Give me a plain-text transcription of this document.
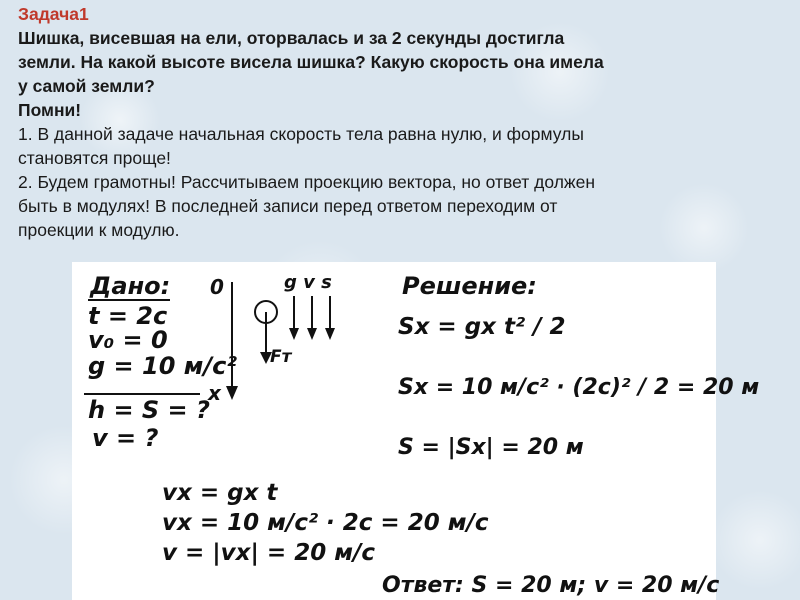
Задача1
Шишка, висевшая на ели, оторвалась и за 2 секунды достигла
земли. На какой высоте висела шишка? Какую скорость она имела
у самой земли?
Помни!
1. В данной задаче начальная скорость тела равна нулю, и формулы
становятся проще!
2. Будем грамотны! Рассчитываем проекцию вектора, но ответ должен
быть в модулях! В последней записи перед ответом переходим от
проекции к модулю.
Дано:
t = 2c
v₀ = 0
g = 10 м/с²
h = S = ?
v = ?
0
x
Fт
g v s	Решение:
Sx = gx t² / 2
Sx = 10 м/с² · (2c)² / 2 = 20 м
S = |Sx| = 20 м
vx = gx t
vx = 10 м/с² · 2c = 20 м/с
v = |vx| = 20 м/с
Ответ: S = 20 м; v = 20 м/с
